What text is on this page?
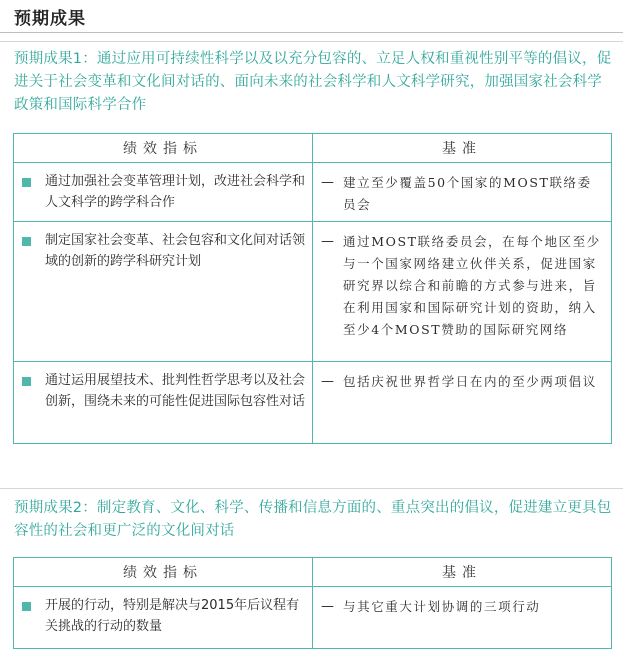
预期成果
预期成果1：通过应用可持续性科学以及以充分包容的、立足人权和重视性别平等的倡议，促进关于社会变革和文化间对话的、面向未来的社会科学和人文科学研究，加强国家社会科学政策和国际科学合作
绩效指标	基准

通过加强社会变革管理计划，改进社会科学和人文科学的跨学科合作	— 建立至少覆盖50个国家的MOST联络委员会

制定国家社会变革、社会包容和文化间对话领域的创新的跨学科研究计划	— 通过MOST联络委员会，在每个地区至少与一个国家网络建立伙伴关系，促进国家研究界以综合和前瞻的方式参与进来，旨在利用国家和国际研究计划的资助，纳入至少4个MOST赞助的国际研究网络

通过运用展望技术、批判性哲学思考以及社会创新，围绕未来的可能性促进国际包容性对话	— 包括庆祝世界哲学日在内的至少两项倡议
预期成果2：制定教育、文化、科学、传播和信息方面的、重点突出的倡议，促进建立更具包容性的社会和更广泛的文化间对话
绩效指标	基准

开展的行动，特别是解决与2015年后议程有关挑战的行动的数量	— 与其它重大计划协调的三项行动
